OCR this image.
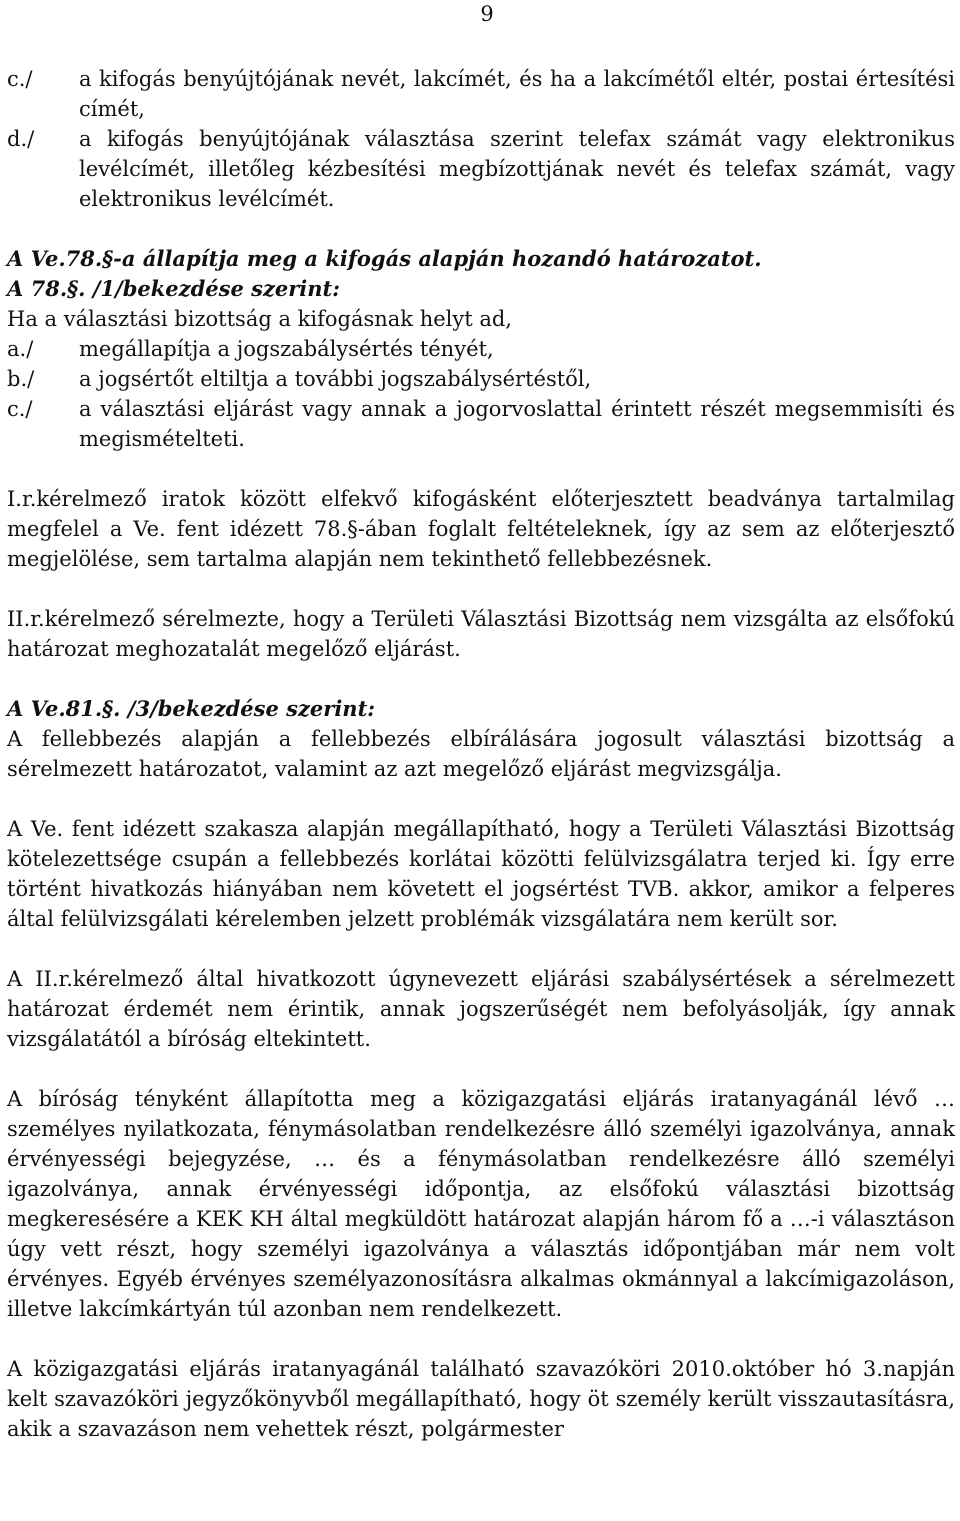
9
c./	a kifogás benyújtójának nevét, lakcímét, és ha a lakcímétől eltér, postai értesítési címét,
d./	a kifogás benyújtójának választása szerint telefax számát vagy elektronikus levélcímét, illetőleg kézbesítési megbízottjának nevét és telefax számát, vagy elektronikus levélcímét.

A Ve.78.§-a állapítja meg a kifogás alapján hozandó határozatot.

A 78.§. /1/bekezdése szerint:

Ha a választási bizottság a kifogásnak helyt ad,

a./	megállapítja a jogszabálysértés tényét,
b./	a jogsértőt eltiltja a további jogszabálysértéstől,
c./	a választási eljárást vagy annak a jogorvoslattal érintett részét megsemmisíti és megismételteti.

I.r.kérelmező iratok között elfekvő kifogásként előterjesztett beadványa tartalmilag megfelel a Ve. fent idézett 78.§-ában foglalt feltételeknek, így az sem az előterjesztő megjelölése, sem tartalma alapján nem tekinthető fellebbezésnek.

II.r.kérelmező sérelmezte, hogy a Területi Választási Bizottság nem vizsgálta az elsőfokú határozat meghozatalát megelőző eljárást.

A Ve.81.§. /3/bekezdése szerint:

A fellebbezés alapján a fellebbezés elbírálására jogosult választási bizottság a sérelmezett határozatot, valamint az azt megelőző eljárást megvizsgálja.

A Ve. fent idézett szakasza alapján megállapítható, hogy a Területi Választási Bizottság kötelezettsége csupán a fellebbezés korlátai közötti felülvizsgálatra terjed ki. Így erre történt hivatkozás hiányában nem követett el jogsértést TVB. akkor, amikor a felperes által felülvizsgálati kérelemben jelzett problémák vizsgálatára nem került sor.

A II.r.kérelmező által hivatkozott úgynevezett eljárási szabálysértések a sérelmezett határozat érdemét nem érintik, annak jogszerűségét nem befolyásolják, így annak vizsgálatától a bíróság eltekintett.

A bíróság tényként állapította meg a közigazgatási eljárás iratanyagánál lévő … személyes nyilatkozata, fénymásolatban rendelkezésre álló személyi igazolványa, annak érvényességi bejegyzése, … és a fénymásolatban rendelkezésre álló személyi igazolványa, annak érvényességi időpontja, az elsőfokú választási bizottság megkeresésére a KEK KH által megküldött határozat alapján három fő a …-i választáson úgy vett részt, hogy személyi igazolványa a választás időpontjában már nem volt érvényes. Egyéb érvényes személyazonosításra alkalmas okmánnyal a lakcímigazoláson, illetve lakcímkártyán túl azonban nem rendelkezett.

A közigazgatási eljárás iratanyagánál található szavazóköri 2010.október hó 3.napján kelt szavazóköri jegyzőkönyvből megállapítható, hogy öt személy került visszautasításra, akik a szavazáson nem vehettek részt, polgármester
